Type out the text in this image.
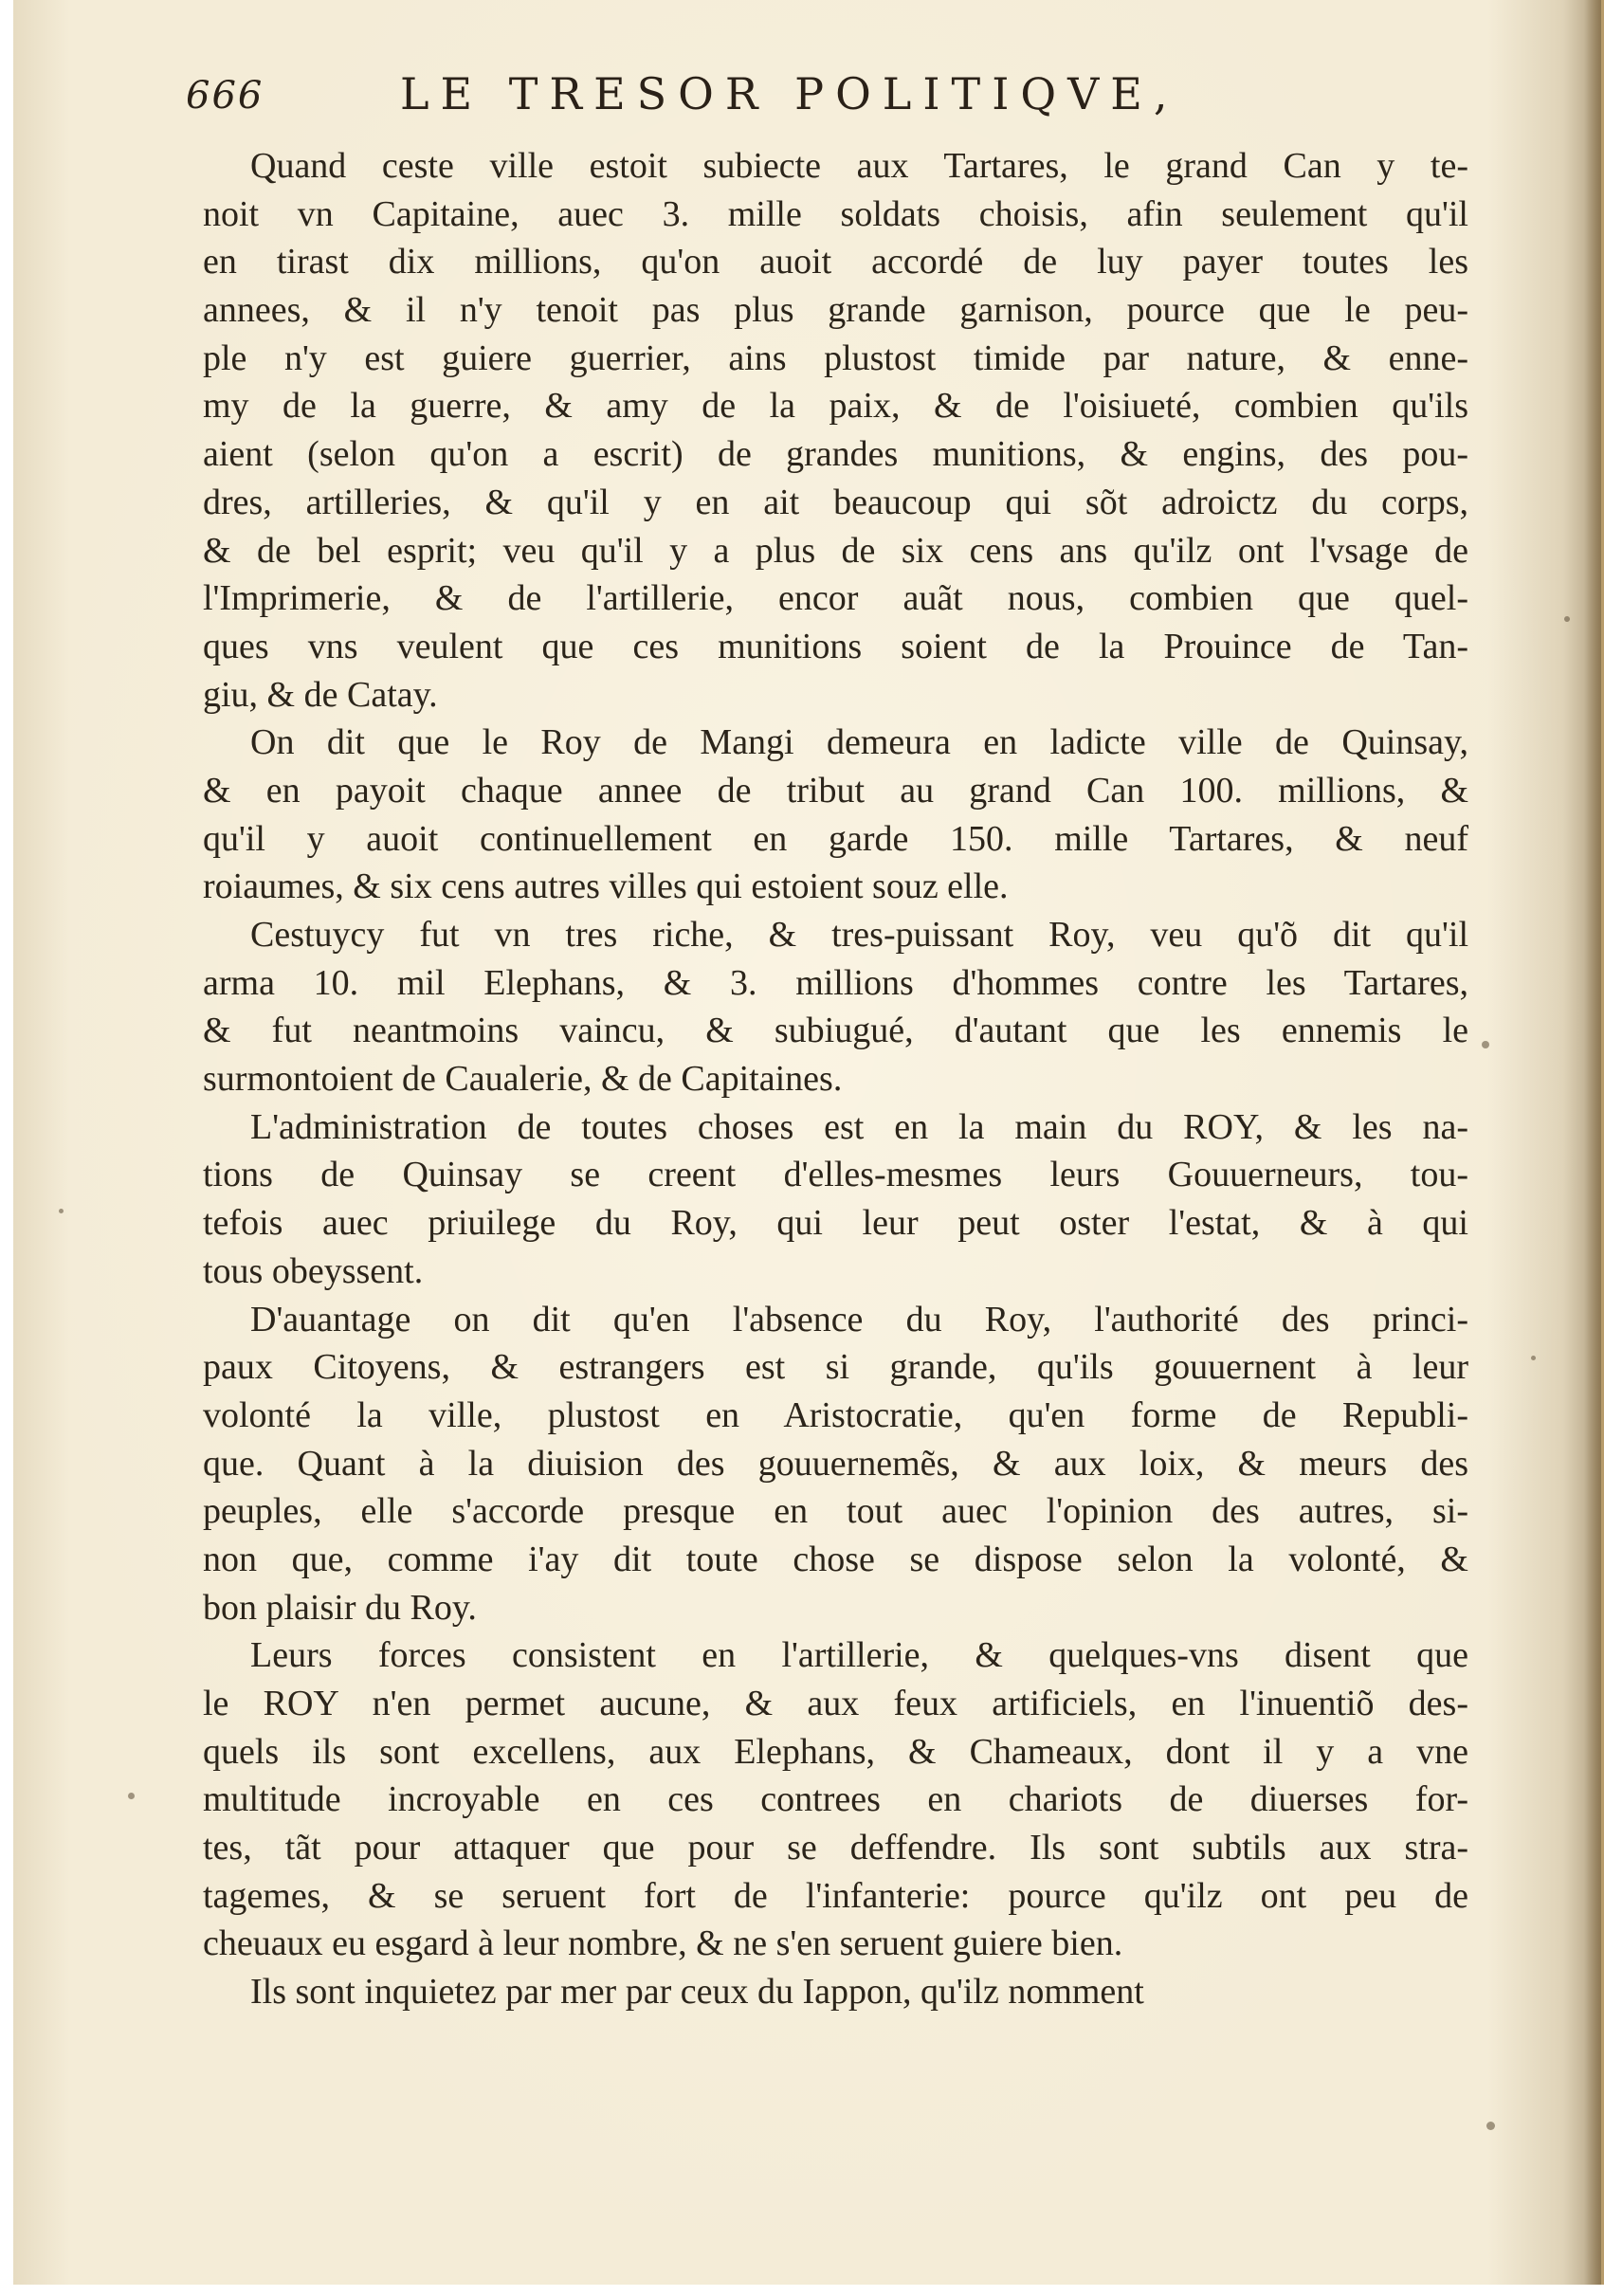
666	LE TRESOR POLITIQVE,
Quand ceste ville estoit subiecte aux Tartares, le grand Can y te-
noit vn Capitaine, auec 3. mille soldats choisis, afin seulement qu'il
en tirast dix millions, qu'on auoit accordé de luy payer toutes les
annees, & il n'y tenoit pas plus grande garnison, pource que le peu-
ple n'y est guiere guerrier, ains plustost timide par nature, & enne-
my de la guerre, & amy de la paix, & de l'oisiueté, combien qu'ils
aient (selon qu'on a escrit) de grandes munitions, & engins, des pou-
dres, artilleries, & qu'il y en ait beaucoup qui sõt adroictz du corps,
& de bel esprit; veu qu'il y a plus de six cens ans qu'ilz ont l'vsage de
l'Imprimerie, & de l'artillerie, encor auãt nous, combien que quel-
ques vns veulent que ces munitions soient de la Prouince de Tan-
giu, & de Catay.
On dit que le Roy de Mangi demeura en ladicte ville de Quinsay,
& en payoit chaque annee de tribut au grand Can 100. millions, &
qu'il y auoit continuellement en garde 150. mille Tartares, & neuf
roiaumes, & six cens autres villes qui estoient souz elle.
Cestuycy fut vn tres riche, & tres-puissant Roy, veu qu'õ dit qu'il
arma 10. mil Elephans, & 3. millions d'hommes contre les Tartares,
& fut neantmoins vaincu, & subiugué, d'autant que les ennemis le
surmontoient de Caualerie, & de Capitaines.
L'administration de toutes choses est en la main du ROY, & les na-
tions de Quinsay se creent d'elles-mesmes leurs Gouuerneurs, tou-
tefois auec priuilege du Roy, qui leur peut oster l'estat, & à qui
tous obeyssent.
D'auantage on dit qu'en l'absence du Roy, l'authorité des princi-
paux Citoyens, & estrangers est si grande, qu'ils gouuernent à leur
volonté la ville, plustost en Aristocratie, qu'en forme de Republi-
que. Quant à la diuision des gouuernemẽs, & aux loix, & meurs des
peuples, elle s'accorde presque en tout auec l'opinion des autres, si-
non que, comme i'ay dit toute chose se dispose selon la volonté, &
bon plaisir du Roy.
Leurs forces consistent en l'artillerie, & quelques-vns disent que
le ROY n'en permet aucune, & aux feux artificiels, en l'inuentiõ des-
quels ils sont excellens, aux Elephans, & Chameaux, dont il y a vne
multitude incroyable en ces contrees en chariots de diuerses for-
tes, tãt pour attaquer que pour se deffendre. Ils sont subtils aux stra-
tagemes, & se seruent fort de l'infanterie: pource qu'ilz ont peu de
cheuaux eu esgard à leur nombre, & ne s'en seruent guiere bien.
Ils sont inquietez par mer par ceux du Iappon, qu'ilz nomment
